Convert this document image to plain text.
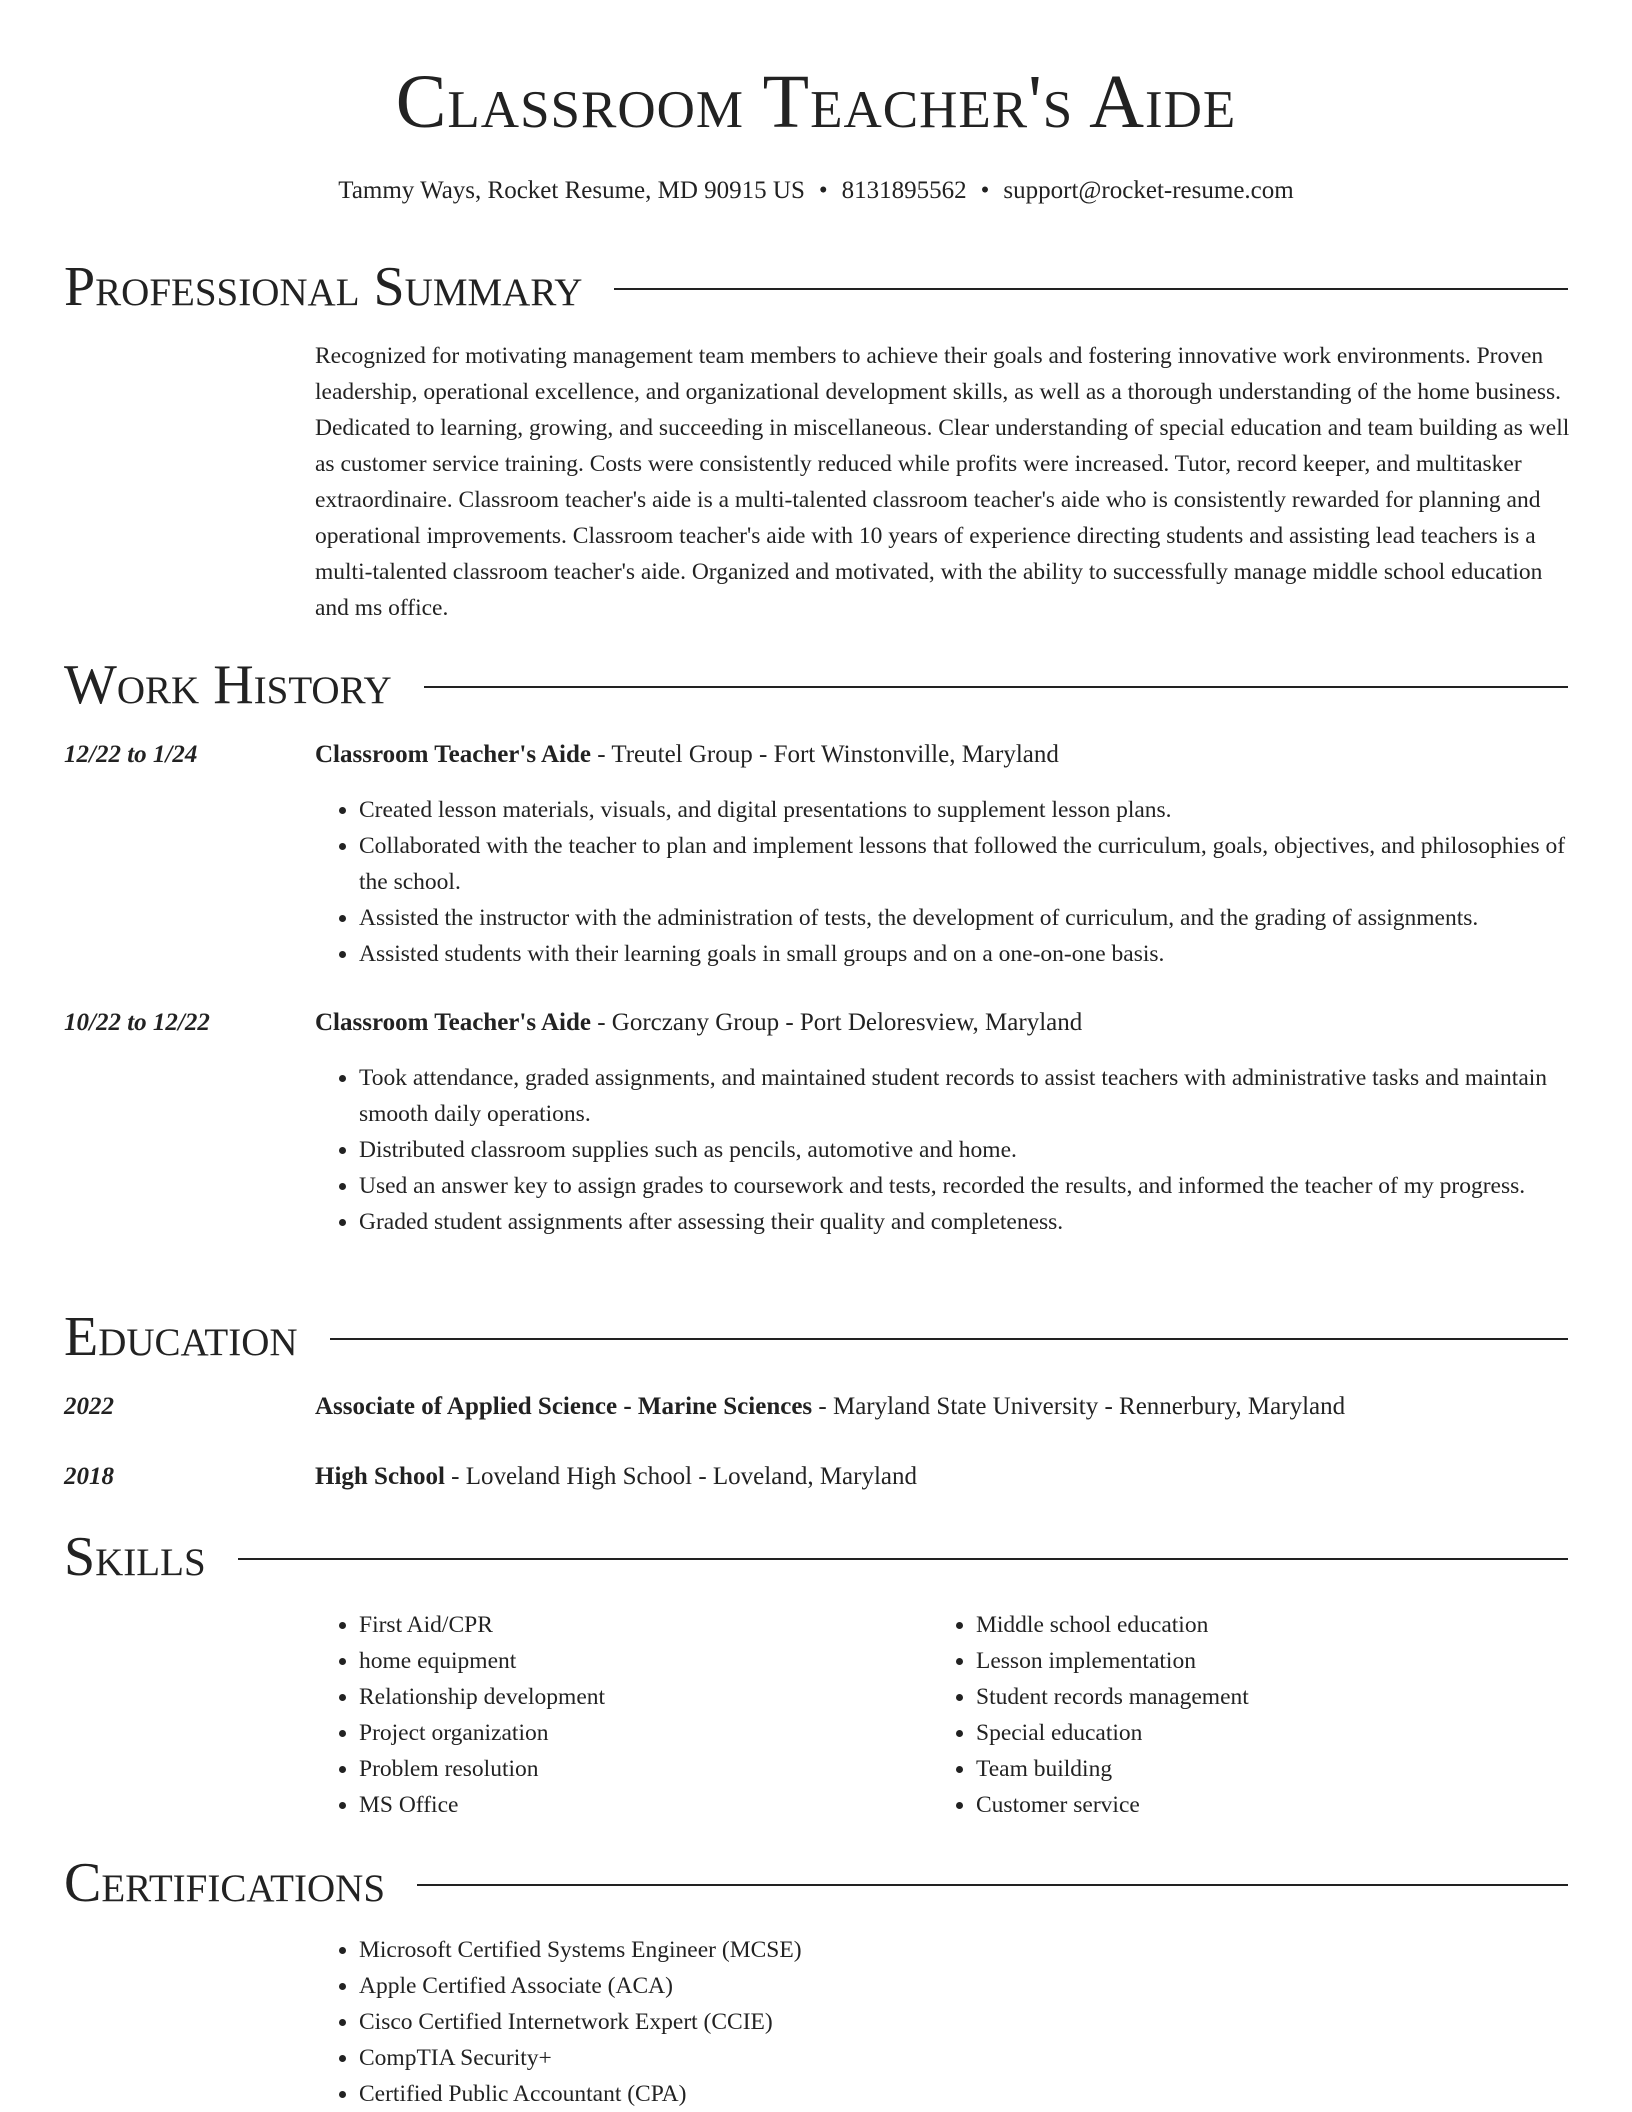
Classroom Teacher's Aide
Tammy Ways, Rocket Resume, MD 90915 US • 8131895562 • support@rocket-resume.com
Professional Summary
Recognized for motivating management team members to achieve their goals and fostering innovative work environments. Proven leadership, operational excellence, and organizational development skills, as well as a thorough understanding of the home business. Dedicated to learning, growing, and succeeding in miscellaneous. Clear understanding of special education and team building as well as customer service training. Costs were consistently reduced while profits were increased. Tutor, record keeper, and multitasker extraordinaire. Classroom teacher's aide is a multi-talented classroom teacher's aide who is consistently rewarded for planning and operational improvements. Classroom teacher's aide with 10 years of experience directing students and assisting lead teachers is a multi-talented classroom teacher's aide. Organized and motivated, with the ability to successfully manage middle school education and ms office.
Work History
12/22 to 1/24	Classroom Teacher's Aide - Treutel Group - Fort Winstonville, Maryland
• Created lesson materials, visuals, and digital presentations to supplement lesson plans.
• Collaborated with the teacher to plan and implement lessons that followed the curriculum, goals, objectives, and philosophies of the school.
• Assisted the instructor with the administration of tests, the development of curriculum, and the grading of assignments.
• Assisted students with their learning goals in small groups and on a one-on-one basis.
10/22 to 12/22	Classroom Teacher's Aide - Gorczany Group - Port Deloresview, Maryland
• Took attendance, graded assignments, and maintained student records to assist teachers with administrative tasks and maintain smooth daily operations.
• Distributed classroom supplies such as pencils, automotive and home.
• Used an answer key to assign grades to coursework and tests, recorded the results, and informed the teacher of my progress.
• Graded student assignments after assessing their quality and completeness.
Education
2022	Associate of Applied Science - Marine Sciences - Maryland State University - Rennerbury, Maryland
2018	High School - Loveland High School - Loveland, Maryland
Skills
• First Aid/CPR
• home equipment
• Relationship development
• Project organization
• Problem resolution
• MS Office
• Middle school education
• Lesson implementation
• Student records management
• Special education
• Team building
• Customer service
Certifications
• Microsoft Certified Systems Engineer (MCSE)
• Apple Certified Associate (ACA)
• Cisco Certified Internetwork Expert (CCIE)
• CompTIA Security+
• Certified Public Accountant (CPA)
